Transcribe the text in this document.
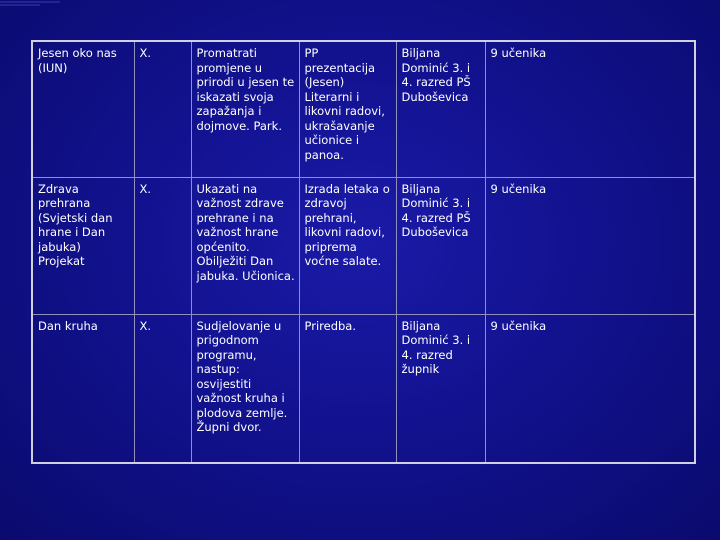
Jesen oko nas (IUN)	X.	Promatrati promjene u prirodi u jesen te iskazati svoja zapažanja i dojmove. Park.	PP prezentacija (Jesen) Literarni i likovni radovi, ukrašavanje učionice i panoa.	Biljana Dominić 3. i 4. razred PŠ Duboševica	9 učenika
Zdrava prehrana (Svjetski dan hrane i Dan jabuka) Projekat	X.	Ukazati na važnost zdrave prehrane i na važnost hrane općenito. Obilježiti Dan jabuka. Učionica.	Izrada letaka o zdravoj prehrani, likovni radovi, priprema voćne salate.	Biljana Dominić 3. i 4. razred PŠ Duboševica	9 učenika
Dan kruha	X.	Sudjelovanje u prigodnom programu, nastup: osvijestiti važnost kruha i plodova zemlje. Župni dvor.	Priredba.	Biljana Dominić 3. i 4. razred župnik	9 učenika
